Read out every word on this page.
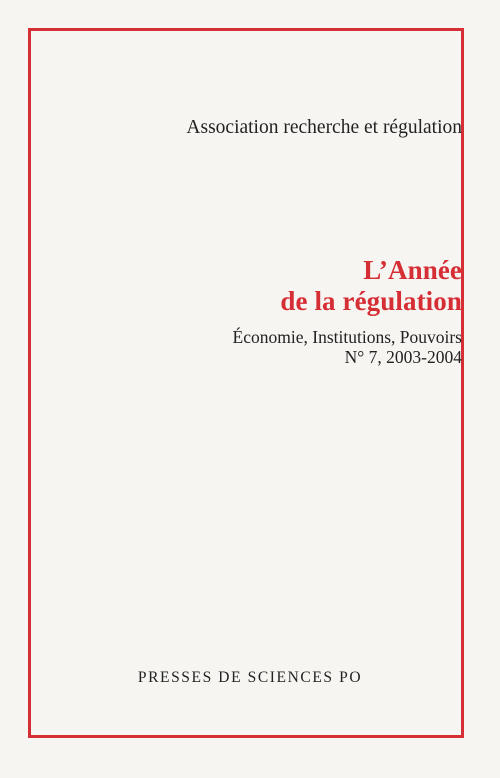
Association recherche et régulation
L’Année
de la régulation
Économie, Institutions, Pouvoirs
N° 7, 2003-2004
PRESSES DE SCIENCES PO
